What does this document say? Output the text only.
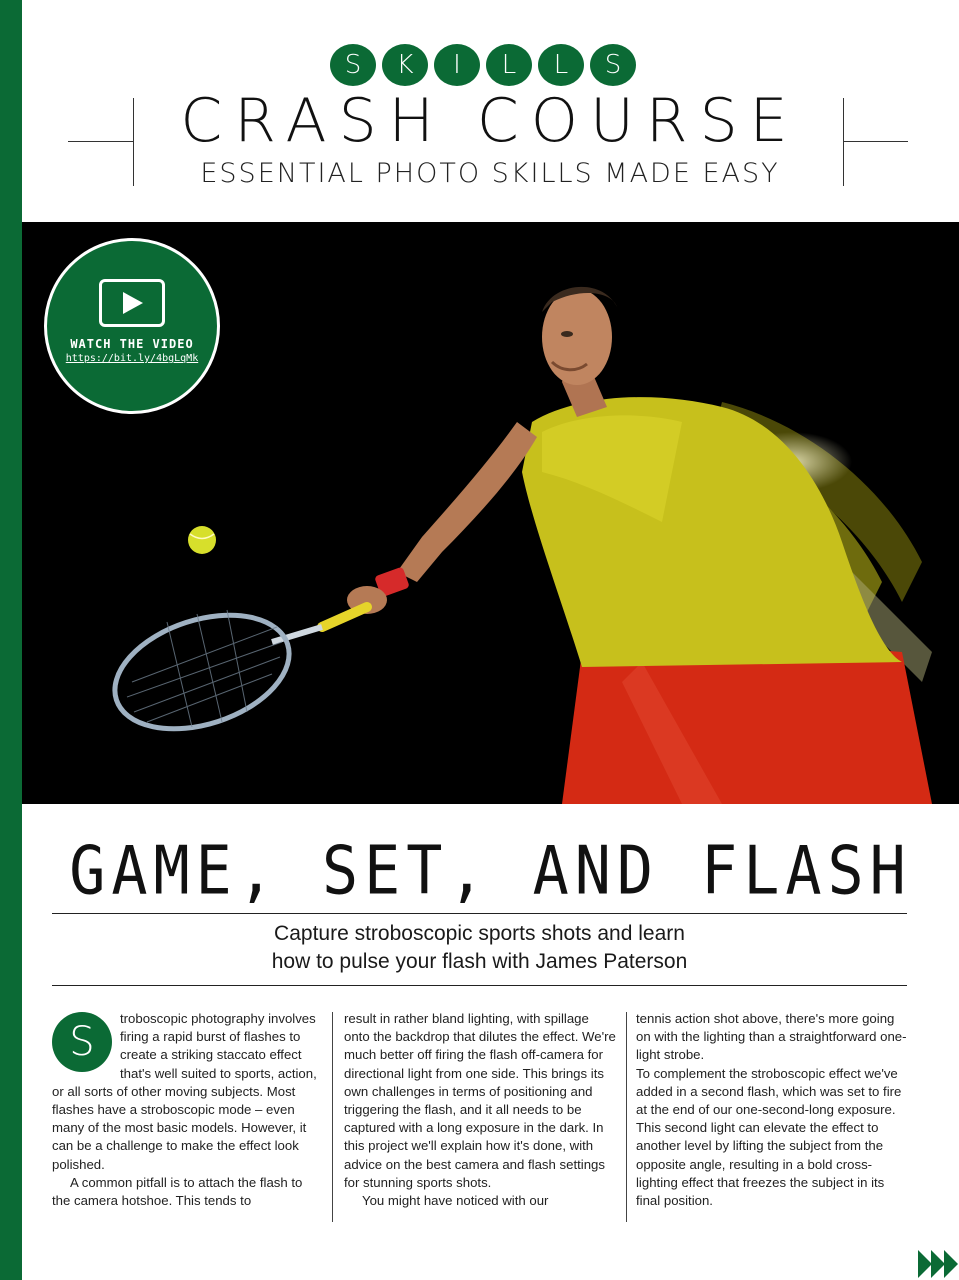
S	K	I	L	L	S
CRASH COURSE
ESSENTIAL PHOTO SKILLS MADE EASY
WATCH THE VIDEO
https://bit.ly/4bgLqMk
GAME, SET, AND FLASH
Capture stroboscopic sports shots and learn
how to pulse your flash with James Paterson
S

troboscopic photography involves firing a rapid burst of flashes to create a striking staccato effect that's well suited to sports, action, or all sorts of other moving subjects. Most flashes have a stroboscopic mode – even many of the most basic models. However, it can be a challenge to make the effect look polished.

A common pitfall is to attach the flash to the camera hotshoe. This tends to

result in rather bland lighting, with spillage onto the backdrop that dilutes the effect. We're much better off firing the flash off-camera for directional light from one side. This brings its own challenges in terms of positioning and triggering the flash, and it all needs to be captured with a long exposure in the dark. In this project we'll explain how it's done, with advice on the best camera and flash settings for stunning sports shots.

You might have noticed with our

tennis action shot above, there's more going on with the lighting than a straightforward one-light strobe.

To complement the stroboscopic effect we've added in a second flash, which was set to fire at the end of our one-second-long exposure. This second light can elevate the effect to another level by lifting the subject from the opposite angle, resulting in a bold cross-lighting effect that freezes the subject in its final position.
